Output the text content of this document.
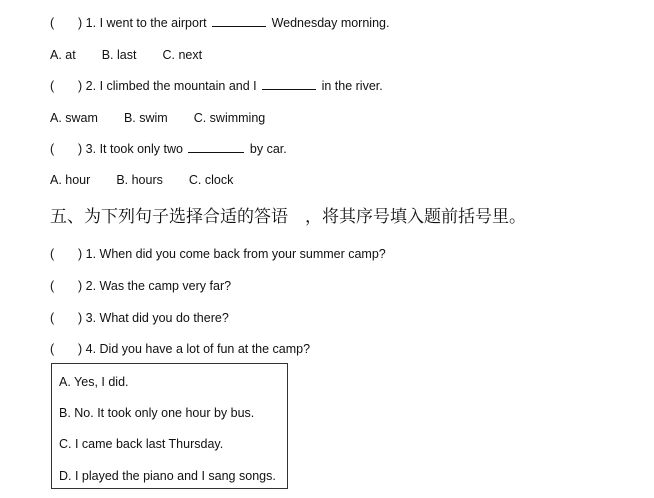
( ) 1. I went to the airport	Wednesday morning.
A. at B. last C. next
( ) 2. I climbed the mountain and I	in the river.
A. swam B. swim C. swimming
( ) 3. It took only two	by car.
A. hour B. hours C. clock
五、为下列句子选择合适的答语　，将其序号填入题前括号里。
( ) 1. When did you come back from your summer camp?
( ) 2. Was the camp very far?
( ) 3. What did you do there?
( ) 4. Did you have a lot of fun at the camp?
A. Yes, I did.
B. No. It took only one hour by bus.
C. I came back last Thursday.
D. I played the piano and I sang songs.
